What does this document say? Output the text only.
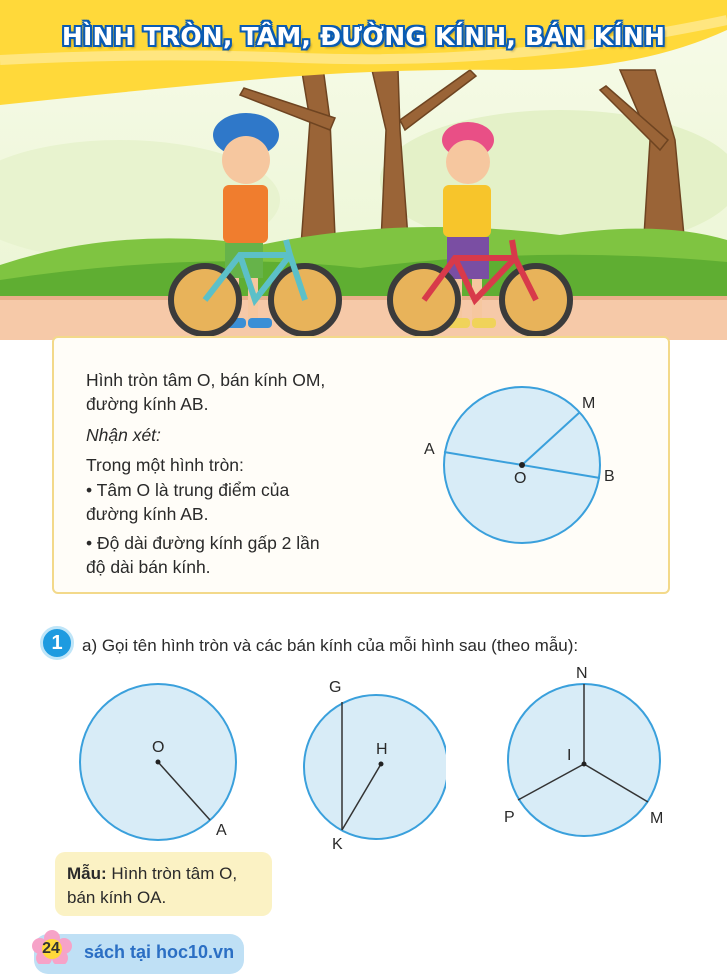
HÌNH TRÒN, TÂM, ĐƯỜNG KÍNH, BÁN KÍNH
Hình tròn tâm O, bán kính OM,
đường kính AB.
Nhận xét:
Trong một hình tròn:
• Tâm O là trung điểm của
đường kính AB.
• Độ dài đường kính gấp 2 lần
độ dài bán kính.
A
B
M
O
1	a) Gọi tên hình tròn và các bán kính của mỗi hình sau (theo mẫu):
O
A
G
H
K
N
I
P	M
Mẫu: Hình tròn tâm O,
bán kính OA.
24	sách tại hoc10.vn
